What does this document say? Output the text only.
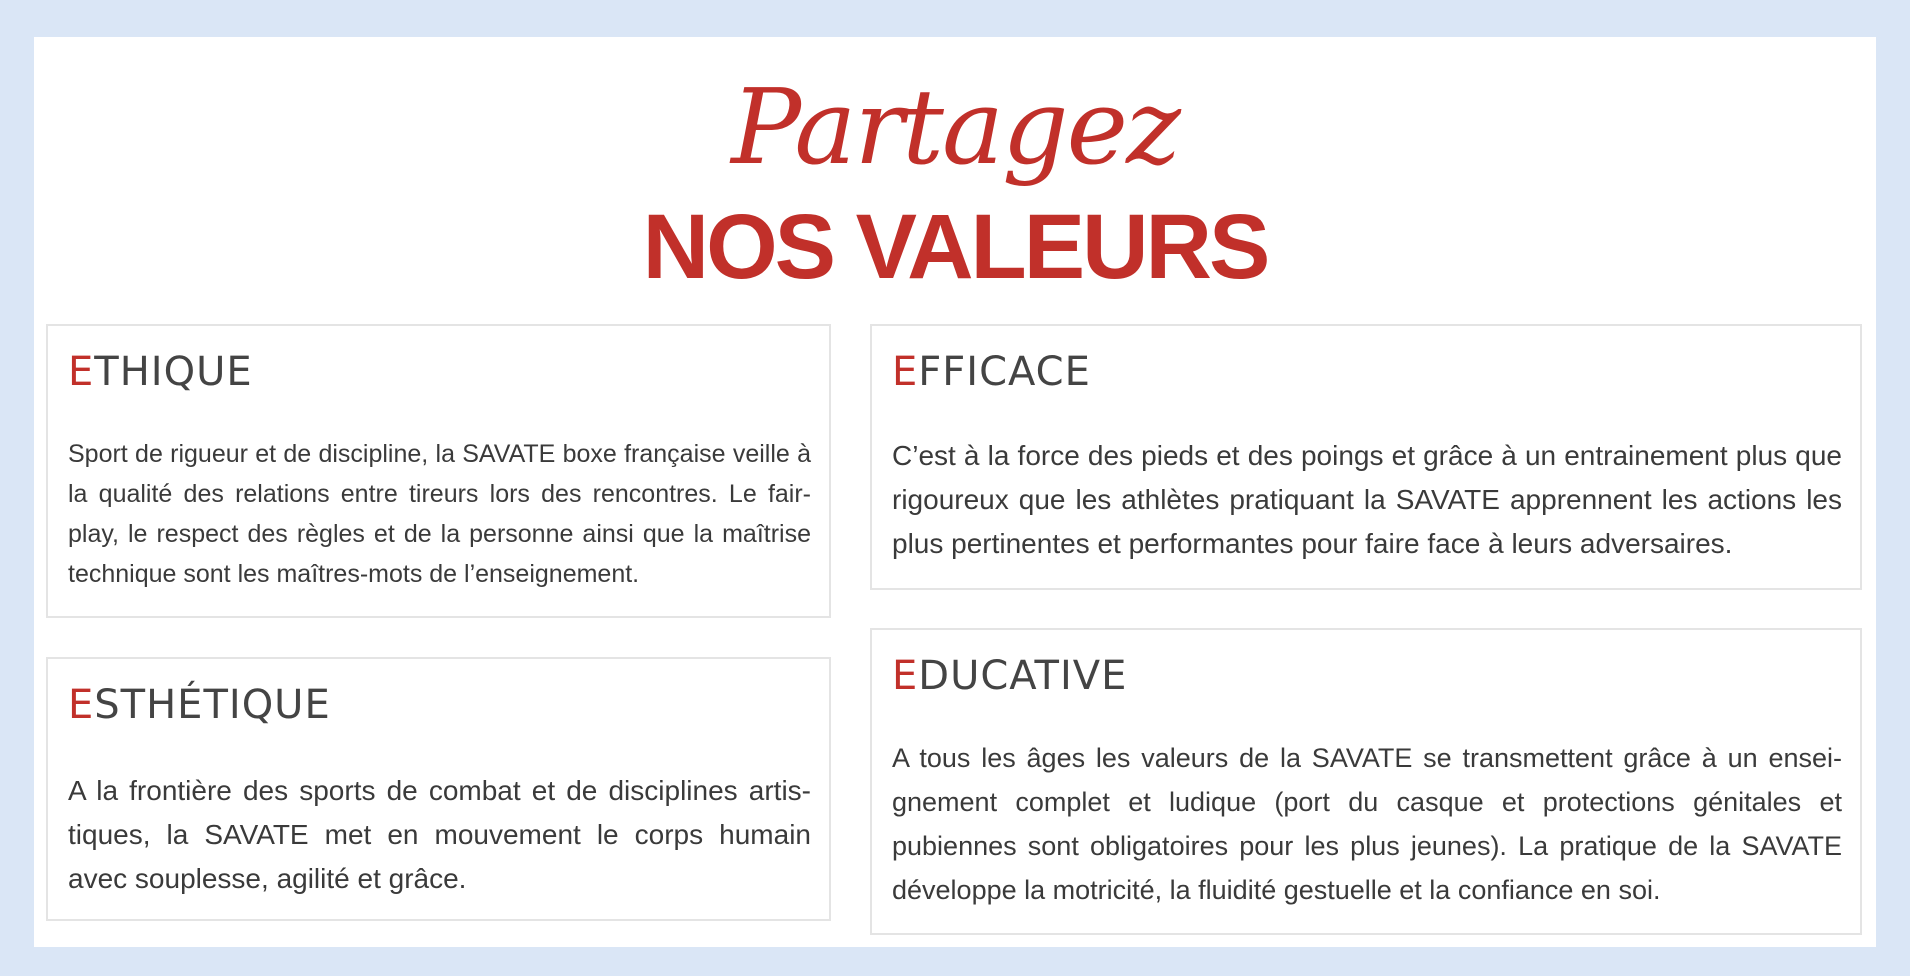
Partagez
NOS VALEURS
ETHIQUE

Sport de rigueur et de discipline, la SAVATE boxe française veille à la qualité des relations entre tireurs lors des rencontres. Le fair-play, le respect des règles et de la personne ainsi que la maîtrise technique sont les maîtres-mots de l’enseignement.

EFFICACE

C’est à la force des pieds et des poings et grâce à un entrainement plus que rigoureux que les athlètes pratiquant la SAVATE apprennent les actions les plus pertinentes et performantes pour faire face à leurs adversaires.

ESTHÉTIQUE

A la frontière des sports de combat et de disciplines artis-tiques, la SAVATE met en mouvement le corps humain avec souplesse, agilité et grâce.

EDUCATIVE

A tous les âges les valeurs de la SAVATE se transmettent grâce à un ensei-gnement complet et ludique (port du casque et protections génitales et pubiennes sont obligatoires pour les plus jeunes). La pratique de la SAVATE développe la motricité, la fluidité gestuelle et la confiance en soi.
